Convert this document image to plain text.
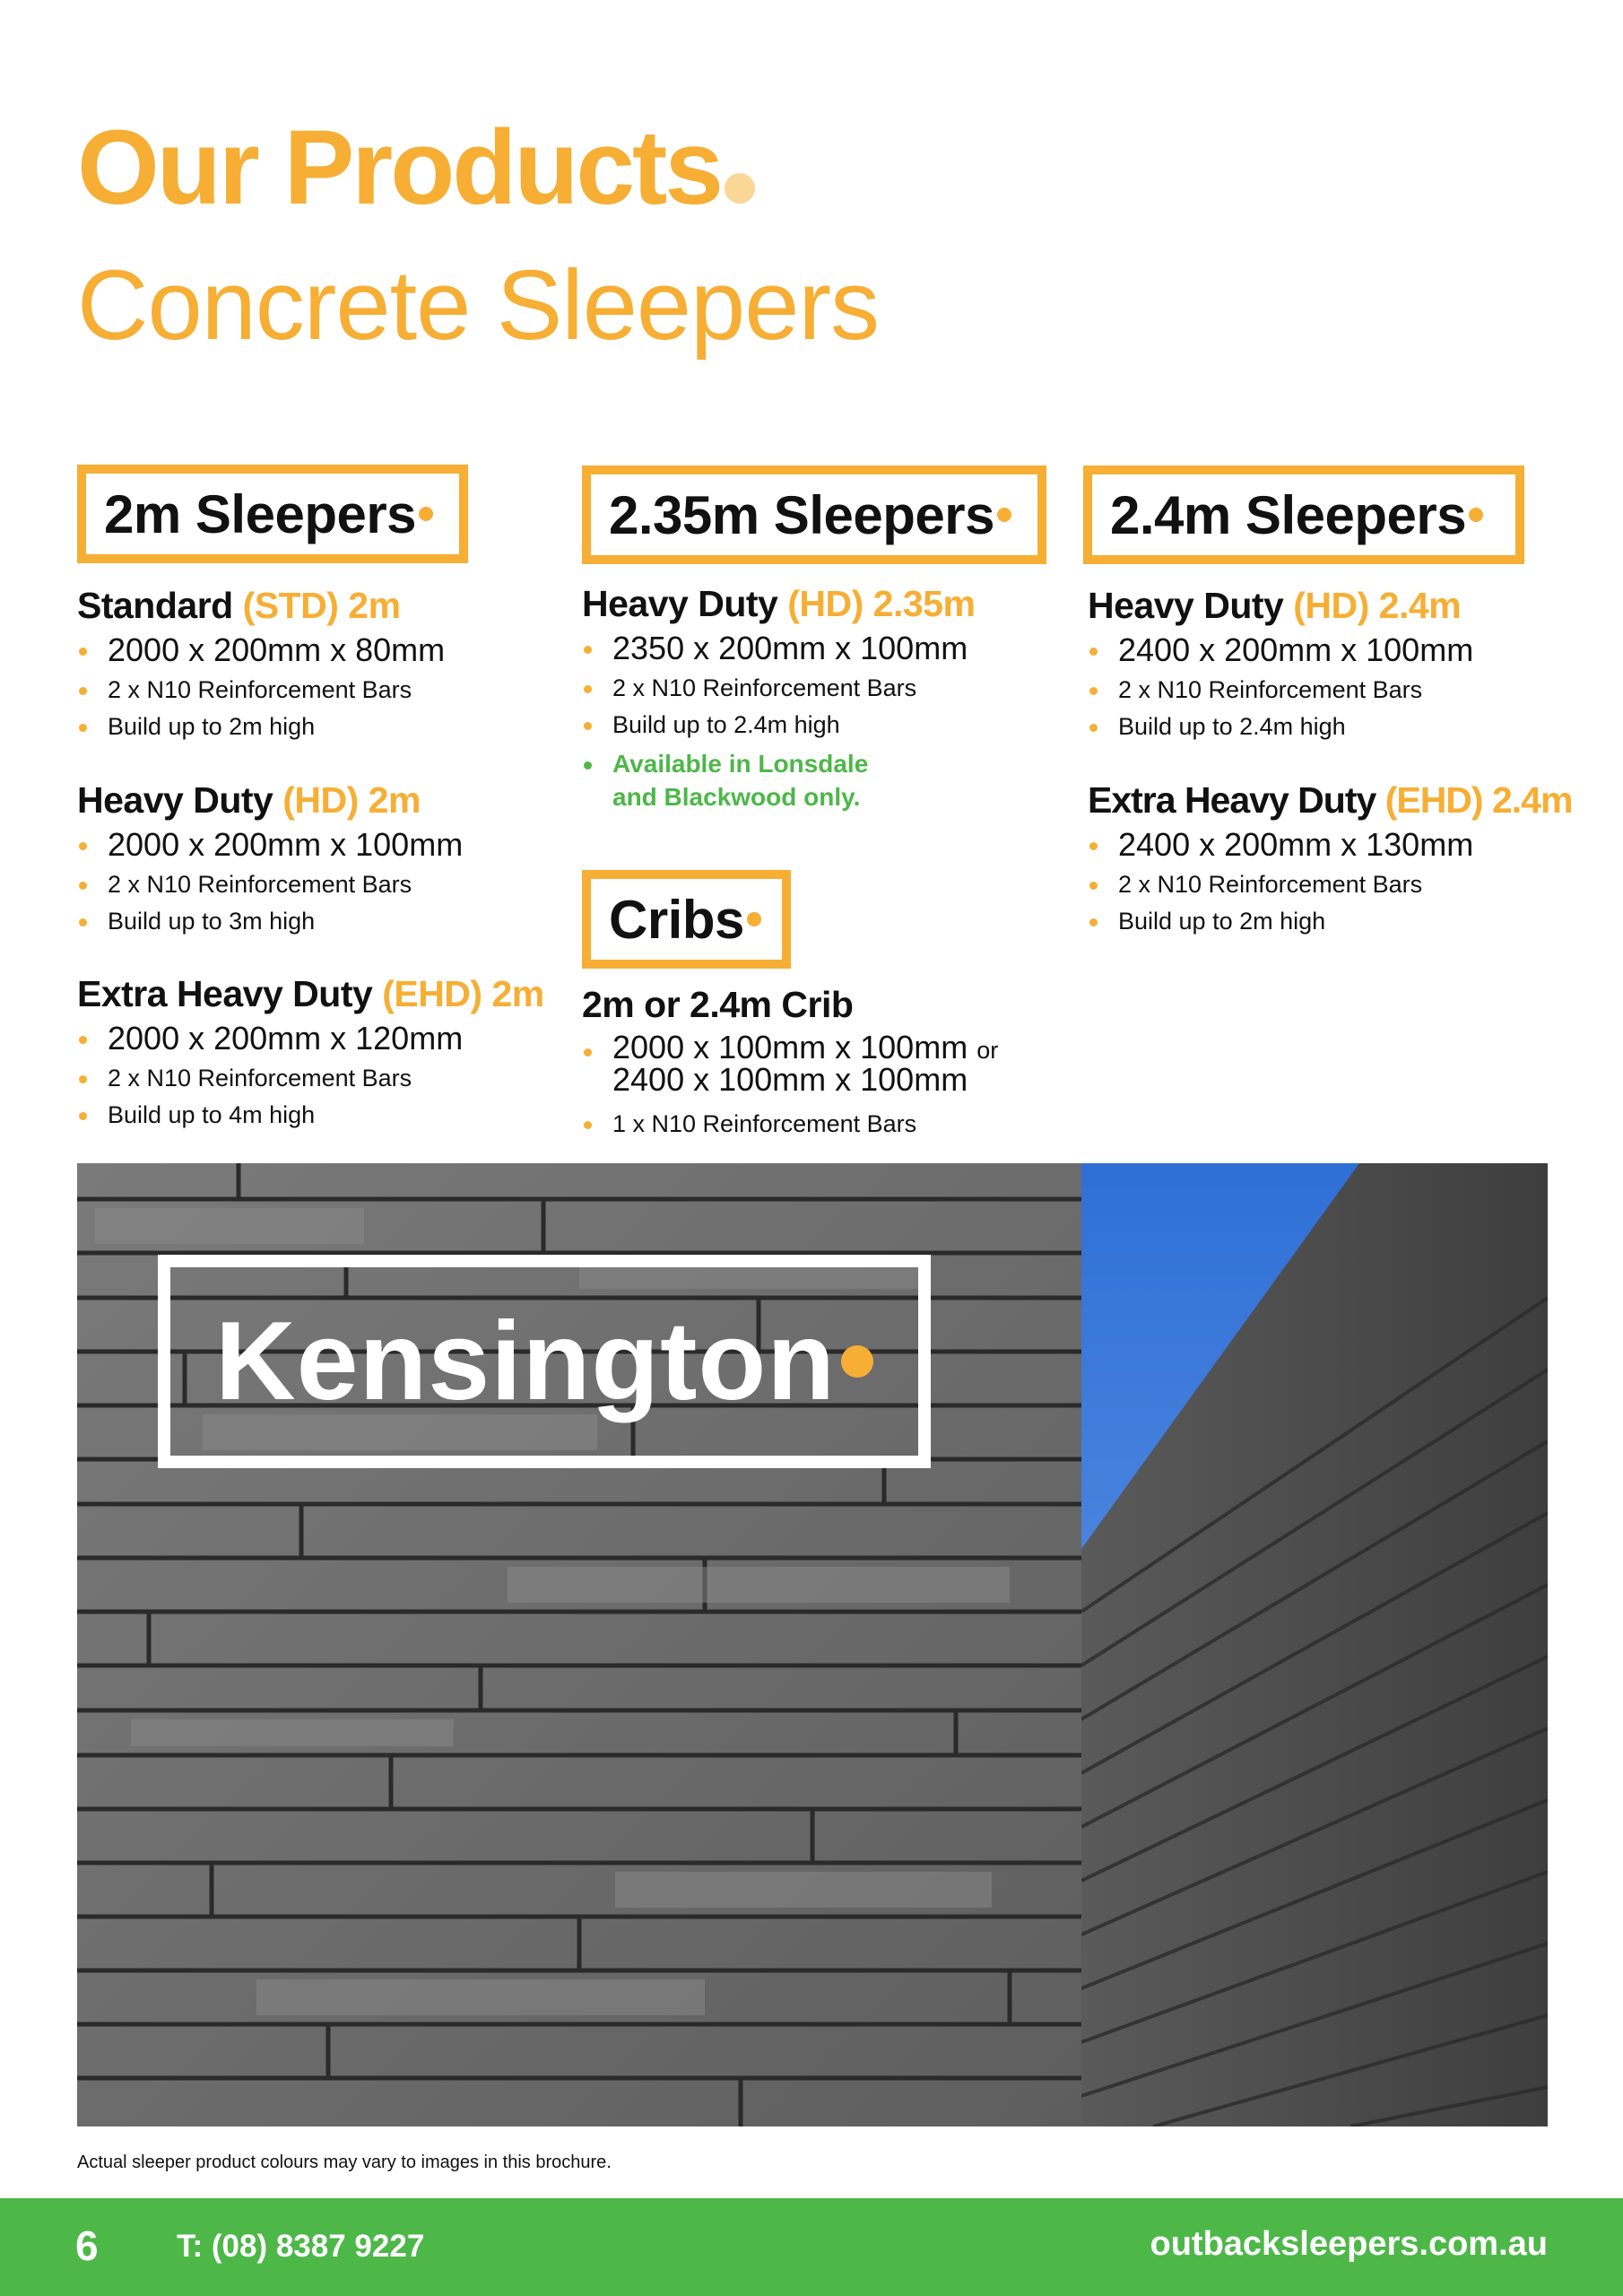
Our Products
Concrete Sleepers
2m Sleepers	2.35m Sleepers 2.4m Sleepers
Cribs
Standard (STD) 2m
2000 x 200mm x 80mm
2 x N10 Reinforcement Bars
Build up to 2m high
Heavy Duty (HD) 2m
2000 x 200mm x 100mm
2 x N10 Reinforcement Bars
Build up to 3m high
Extra Heavy Duty (EHD) 2m
2000 x 200mm x 120mm
2 x N10 Reinforcement Bars
Build up to 4m high
Heavy Duty (HD) 2.35m
2350 x 200mm x 100mm
2 x N10 Reinforcement Bars
Build up to 2.4m high
Available in Lonsdale and Blackwood only.
2m or 2.4m Crib
2000 x 100mm x 100mm or
2400 x 100mm x 100mm
1 x N10 Reinforcement Bars
Heavy Duty (HD) 2.4m
2400 x 200mm x 100mm
2 x N10 Reinforcement Bars
Build up to 2.4m high
Extra Heavy Duty (EHD) 2.4m
2400 x 200mm x 130mm
2 x N10 Reinforcement Bars
Build up to 2m high
Kensington
Actual sleeper product colours may vary to images in this brochure.
6 T: (08) 8387 9227	outbacksleepers.com.au
